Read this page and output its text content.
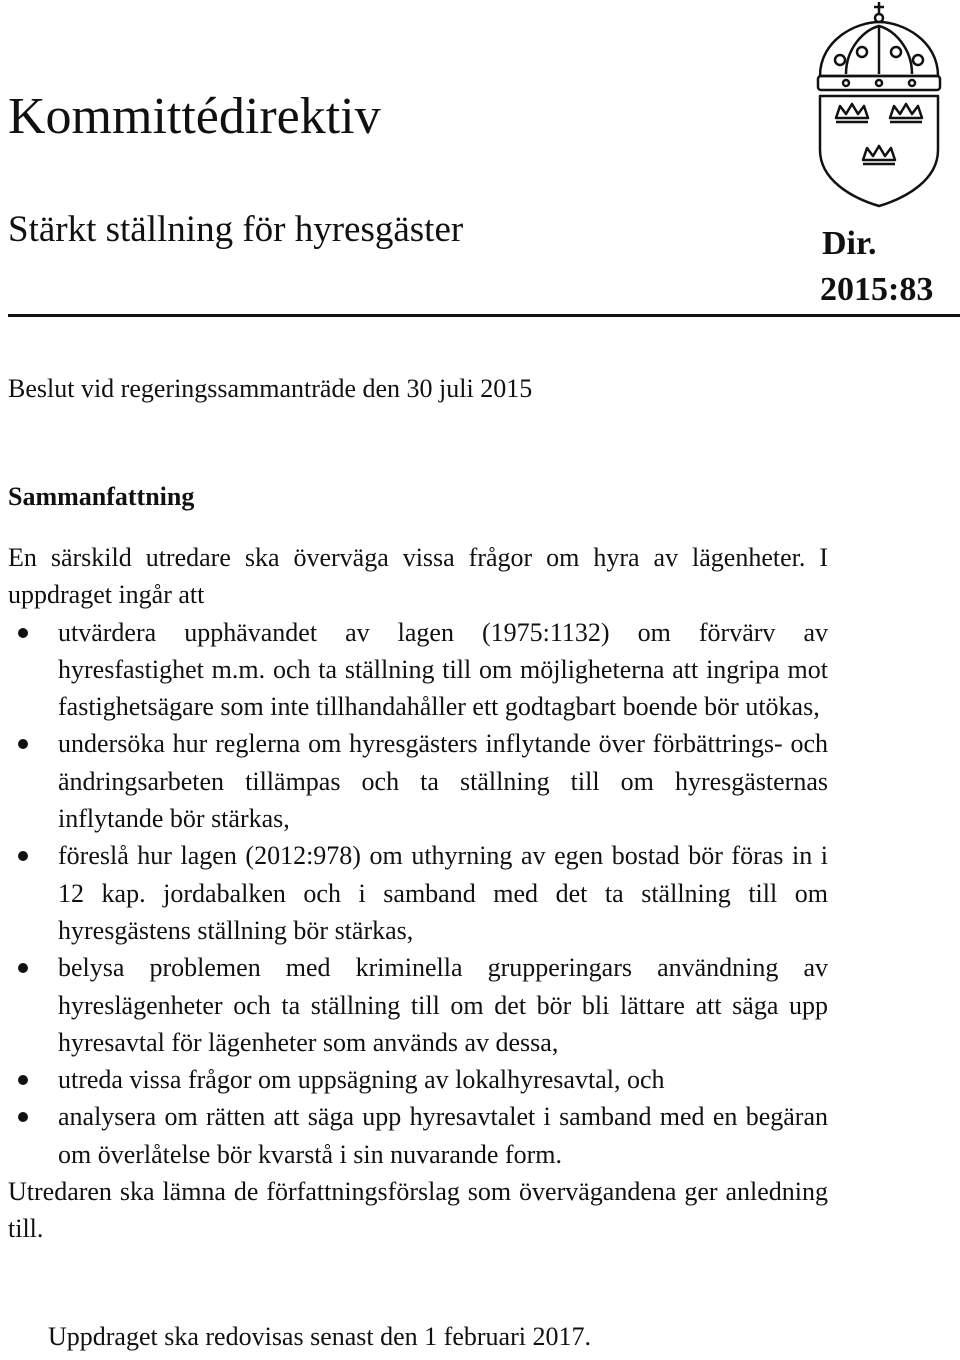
Kommittédirektiv
Stärkt ställning för hyresgäster	Dir.
2015:83
Beslut vid regeringssammanträde den 30 juli 2015
Sammanfattning
En särskild utredare ska överväga vissa frågor om hyra av lägenheter. I uppdraget ingår att
utvärdera upphävandet av lagen (1975:1132) om förvärv av hyresfastighet m.m. och ta ställning till om möjligheterna att ingripa mot fastighetsägare som inte tillhandahåller ett godtagbart boende bör utökas,
undersöka hur reglerna om hyresgästers inflytande över förbättrings- och ändringsarbeten tillämpas och ta ställning till om hyresgästernas inflytande bör stärkas,
föreslå hur lagen (2012:978) om uthyrning av egen bostad bör föras in i 12 kap. jordabalken och i samband med det ta ställning till om hyresgästens ställning bör stärkas,
belysa problemen med kriminella grupperingars användning av hyreslägenheter och ta ställning till om det bör bli lättare att säga upp hyresavtal för lägenheter som används av dessa,
utreda vissa frågor om uppsägning av lokalhyresavtal, och
analysera om rätten att säga upp hyresavtalet i samband med en begäran om överlåtelse bör kvarstå i sin nuvarande form.
Utredaren ska lämna de författningsförslag som övervägandena ger anledning till.
Uppdraget ska redovisas senast den 1 februari 2017.
